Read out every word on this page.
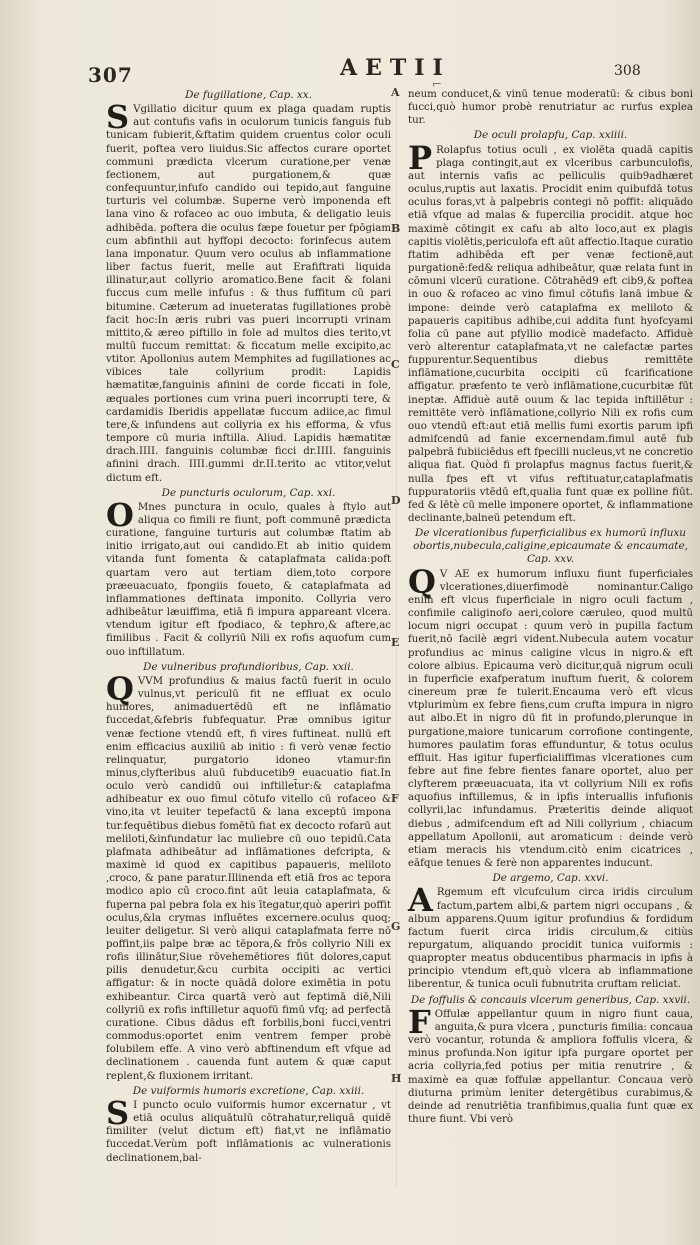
307	AETII
⌐
308
A
B
C
D
E
F
G
H
De fugillatione, Cap. xx.

S Vgillatio dicitur quum ex plaga quadam ruptis aut contufis vafis in oculorum tunicis fanguis fub tunicam fubierit,&ftatim quidem cruentus color oculi fuerit, poftea vero liuidus.Sic affectos curare oportet communi prædicta vlcerum curatione,per venæ fectionem, aut purgationem,& quæ confequuntur,infufo candido oui tepido,aut fanguine turturis vel columbæ. Superne verò imponenda eft lana vino & rofaceo ac ouo imbuta, & deligatio leuis adhibēda. poftera die oculus fæpe fouetur per fpōgiam cum abfinthii aut hyffopi decocto: forinfecus autem lana imponatur. Quum vero oculus ab inflammatione liber factus fuerit, melle aut Erafiftrati liquida illinatur,aut collyrio aromatico.Bene facit & folani fuccus cum melle infufus : & thus fuffitum cū pari bitumine. Cæterum ad inueteratas fugillationes probè facit hoc:In æris rubri vas pueri incorrupti vrinam mittito,& æreo piftillo in fole ad multos dies terito,vt multū fuccum remittat: & ficcatum melle excipito,ac vtitor. Apollonius autem Memphites ad fugillationes ac vibices tale collyrium prodit: Lapidis hæmatitæ,fanguinis afinini de corde ficcati in fole, æquales portiones cum vrina pueri incorrupti tere, & cardamidis Iberidis appellatæ fuccum adiice,ac fimul tere,& infundens aut collyria ex his efforma, & vfus tempore cū muria inftilla. Aliud. Lapidis hæmatitæ drach.IIII. fanguinis columbæ ficci dr.IIII. fanguinis afinini drach. IIII.gummi dr.II.terito ac vtitor,velut dictum eft.

De puncturis oculorum, Cap. xxi.

O Mnes punctura in oculo, quales à ftylo aut aliqua co fimili re fiunt, poft communē prædicta curatione, fanguine turturis aut columbæ ftatim ab initio irrigato,aut oui candido.Et ab initio quidem vitanda funt fomenta & cataplafmata calida:poft quartam vero aut tertiam diem,toto corpore præeuacuato, fpongiis foueto, & cataplafmata ad inflammationes deftinata imponito. Collyria vero adhibeātur læuiffima, etiā fi impura appareant vlcera. vtendum igitur eft fpodiaco, & tephro,& aftere,ac fimilibus . Facit & collyriū Nili ex rofis aquofum cum ouo inftillatum.

De vulneribus profundioribus, Cap. xxii.

QVVM profundius & maius factū fuerit in oculo vulnus,vt periculū fit ne effluat ex oculo humores, animaduertēdū eft ne inflāmatio fuccedat,&febris fubfequatur. Præ omnibus igitur venæ fectione vtendū eft, fi vires fuftineat. nullū eft enim efficacius auxiliū ab initio : fi verò venæ fectio relinquatur, purgatorio idoneo vtamur:fin minus,clyfteribus aluū fubducetib9 euacuatio fiat.In oculo verò candidū oui inftillet̄ur:& cataplafma adhibeatur ex ouo fimul cōtufo vitello cū rofaceo & vino,ita vt leuiter tepefactū & lana exceptū impona tur.fequētibus diebus fomētū fiat ex decocto rofarū aut meliloti,&infundatur lac muliebre cū ouo tepidū.Cata plafmata adhibeātur ad inflāmationes defcripta, & maximè id quod ex capitibus papaueris, meliloto ,croco, & pane paratur.Illinenda eft etiā fros ac tepora modico apio cū croco.fint aūt leuia cataplafmata, & fuperna pal pebra fola ex his ītegatur,quò aperiri poffit oculus,&la crymas influētes excernere.oculus quoq; leuiter deligetur. Si verò aliqui cataplafmata ferre nō poffint,iis palpe bræ ac tēpora,& frōs collyrio Nili ex rofis illinātur,Siue rōvehemētiores fiūt dolores,caput pilis denudetur,&cu curbita occipiti ac vertici affigatur: & in nocte quādā dolore eximētia in potu exhibeantur. Circa quartā verò aut feptimā diē,Nili collyriū ex rofis inftilletur aquofū fimū vfq; ad perfectā curatione. Cibus dādus eft forbilis,boni fucci,ventri commodus:oportet enim ventrem femper probè folubilem effe. A vino verò abftinendum eft vfque ad declinationem . cauenda funt autem & quæ caput replent,& fluxionem irritant.

De vuiformis humoris excretione, Cap. xxiii.

S I puncto oculo vuiformis humor excernatur , vt etiā oculus aliquātulū cōtrahatur,reliquā quidē fimiliter (velut dictum eft) fiat,vt ne inflāmatio fuccedat.Verùm poft inflāmationis ac vulnerationis declinationem,bal-

neum conducet,& vinū tenue moderatū: & cibus boni fucci,quò humor probè renutriatur ac rurfus explea tur.

De oculi prolapfu, Cap. xxiiii.

P Rolapfus totius oculi , ex violēta quadā capitis plaga contingit,aut ex vlceribus carbunculofis, aut internis vafis ac pelliculis quib9adhæret oculus,ruptis aut laxatis. Procidit enim quibufdā totus oculus foras,vt à palpebris contegi nō poffit: aliquādo etiā vfque ad malas & fupercilia procidit. atque hoc maximè cōtingit ex cafu ab alto loco,aut ex plagis capitis violētis,periculofa eft aūt affectio.Itaque curatio ftatim adhibēda eft per venæ fectionē,aut purgationē:fed& reliqua adhibeātur, quæ relata funt in cōmuni vlcerū curatione. Cōtrahēd9 eft cib9,& poftea in ouo & rofaceo ac vino fimul cōtufis lanā imbue & impone: deinde verò cataplafma ex meliloto & papaueris capitibus adhibe,cui addita funt hyofcyami folia cū pane aut pfyllio modicè madefacto. Affiduè verò alterentur cataplafmata,vt ne calefactæ partes fuppurentur.Sequentibus diebus remittēte inflāmatione,cucurbita occipiti cū fcarificatione affigatur. præfento te verò inflāmatione,cucurbitæ fūt ineptæ. Affiduè autē ouum & lac tepida inftillētur : remittēte verò inflāmatione,collyrio Nili ex rofis cum ouo vtendū eft:aut etiā mellis fumi exortis parum ipfi admifcendū ad fanie excernendam.fimul autē fub palpebrā fubiiciēdus eft fpecilli nucleus,vt ne concretio aliqua fiat. Quòd fi prolapfus magnus factus fuerit,& nulla fpes eft vt vifus reftituatur,cataplafmatis fuppuratoriis vtēdū eft,qualia funt quæ ex polline fiūt. fed & lētè cū melle imponere oportet, & inflammatione declinante,balneū petendum eft.

De vlcerationibus fuperficialibus ex humorū influxu obortis,nubecula,caligine,epicaumate & encaumate, Cap. xxv.

Q V AE ex humorum influxu fiunt fuperficiales vlcerationes,diuerfimodè nominantur.Caligo enim eft vlcus fuperficiale in nigro oculi factum , confimile caliginofo aeri,colore cæruleo, quod multū locum nigri occupat : quum verò in pupilla factum fuerit,nō facilè ægri vident.Nubecula autem vocatur profundius ac minus caligine vlcus in nigro.& eft colore albius. Epicauma verò dicitur,quā nigrum oculi in fuperficie exafperatum inuftum fuerit, & colorem cinereum præ fe tulerit.Encauma verò eft vlcus vtplurimùm ex febre fiens,cum crufta impura in nigro aut albo.Et in nigro dū fit in profundo,plerunque in purgatione,maiore tunicarum corrofione contingente, humores paulatim foras effunduntur, & totus oculus effluit. Has igitur fuperficialiffimas vlcerationes cum febre aut fine febre fientes fanare oportet, aluo per clyfterem præeuacuata, ita vt collyrium Nili ex rofis aquofius inftillemus, & in ipfis interuallis infufionis collyrii,lac infundamus. Præteritis deinde aliquot diebus , admifcendum eft ad Nili collyrium , chiacum appellatum Apollonii, aut aromaticum : deinde verò etiam meracis his vtendum.citò enim cicatrices , eāfque tenues & ferè non apparentes inducunt.

De argemo, Cap. xxvi.

A Rgemum eft vlcufculum circa iridis circulum factum,partem albi,& partem nigri occupans , & album apparens.Quum igitur profundius & fordidum factum fuerit circa iridis circulum,& citiùs repurgatum, aliquando procidit tunica vuiformis : quapropter meatus obducentibus pharmacis in ipfis à principio vtendum eft,quò vlcera ab inflammatione liberentur, & tunica oculi fubnutrita cruftam reliciat.

De foffulis & concauis vlcerum generibus, Cap. xxvii.

F Offulæ appellantur quum in nigro fiunt caua, anguita,& pura vlcera , puncturis fimilia: concaua verò vocantur, rotunda & ampliora foffulis vlcera, & minus profunda.Non igitur ipfa purgare oportet per acria collyria,fed potius per mitia renutrire , & maximè ea quæ foffulæ appellantur. Concaua verò diuturna primùm leniter detergētibus curabimus,& deinde ad renutriētia tranfibimus,qualia funt quæ ex thure fiunt. Vbi verò
